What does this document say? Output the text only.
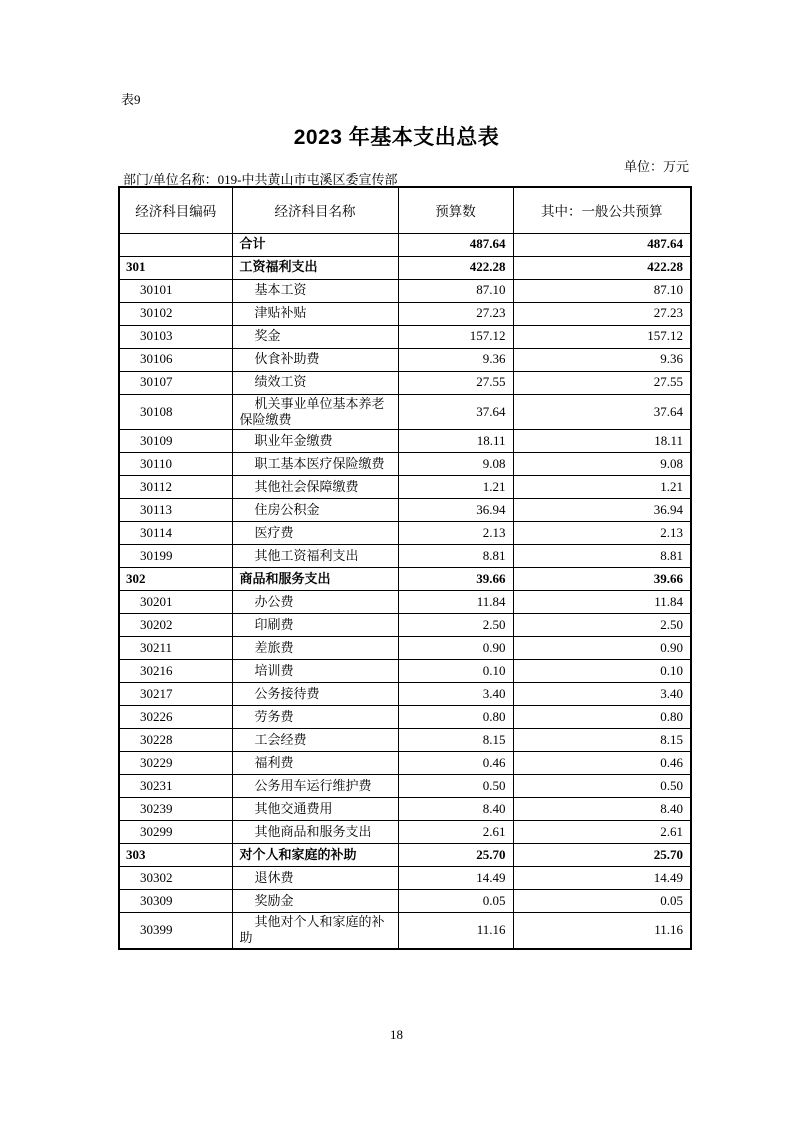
表9
2023 年基本支出总表
单位：万元
部门/单位名称：019-中共黄山市屯溪区委宣传部
经济科目编码	经济科目名称	预算数	其中：一般公共预算
	合计	487.64	487.64
301	工资福利支出	422.28	422.28
30101	基本工资	87.10	87.10
30102	津贴补贴	27.23	27.23
30103	奖金	157.12	157.12
30106	伙食补助费	9.36	9.36
30107	绩效工资	27.55	27.55
30108	机关事业单位基本养老保险缴费	37.64	37.64
30109	职业年金缴费	18.11	18.11
30110	职工基本医疗保险缴费	9.08	9.08
30112	其他社会保障缴费	1.21	1.21
30113	住房公积金	36.94	36.94
30114	医疗费	2.13	2.13
30199	其他工资福利支出	8.81	8.81
302	商品和服务支出	39.66	39.66
30201	办公费	11.84	11.84
30202	印刷费	2.50	2.50
30211	差旅费	0.90	0.90
30216	培训费	0.10	0.10
30217	公务接待费	3.40	3.40
30226	劳务费	0.80	0.80
30228	工会经费	8.15	8.15
30229	福利费	0.46	0.46
30231	公务用车运行维护费	0.50	0.50
30239	其他交通费用	8.40	8.40
30299	其他商品和服务支出	2.61	2.61
303	对个人和家庭的补助	25.70	25.70
30302	退休费	14.49	14.49
30309	奖励金	0.05	0.05
30399	其他对个人和家庭的补助	11.16	11.16
18
